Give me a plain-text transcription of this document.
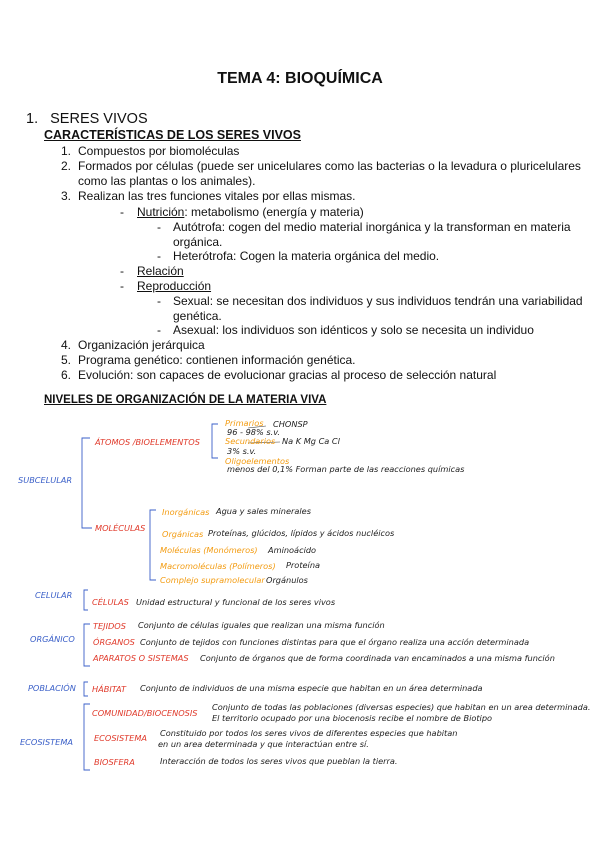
TEMA 4: BIOQUÍMICA
1. SERES VIVOS
CARACTERÍSTICAS DE LOS SERES VIVOS
1. Compuestos por biomoléculas
2. Formados por células (puede ser unicelulares como las bacterias o la levadura o pluricelulares
como las plantas o los animales).
3. Realizan las tres funciones vitales por ellas mismas.
- Nutrición: metabolismo (energía y materia)
- Autótrofa: cogen del medio material inorgánica y la transforman en materia
orgánica.
- Heterótrofa: Cogen la materia orgánica del medio.
- Relación
- Reproducción
- Sexual: se necesitan dos individuos y sus individuos tendrán una variabilidad
genética.
- Asexual: los individuos son idénticos y solo se necesita un individuo
4. Organización jerárquica
5. Programa genético: contienen información genética.
6. Evolución: son capaces de evolucionar gracias al proceso de selección natural
NIVELES DE ORGANIZACIÓN DE LA MATERIA VIVA
SUBCELULAR
ÁTOMOS /BIOELEMENTOS
Primarios CHONSP
96 - 98% s.v.
Secundarios Na K Mg Ca Cl
3% s.v.
Oligoelementos
menos del 0,1% Forman parte de las reacciones químicas
MOLÉCULAS
Inorgánicas Agua y sales minerales
Orgánicas Proteínas, glúcidos, lípidos y ácidos nucléicos
Moléculas (Monómeros) Aminoácido
Macromoléculas (Polímeros) Proteína
Complejo supramolecular Orgánulos
CELULAR
CÉLULAS Unidad estructural y funcional de los seres vivos
ORGÁNICO
TEJIDOS Conjunto de células iguales que realizan una misma función
ÓRGANOS Conjunto de tejidos con funciones distintas para que el órgano realiza una acción determinada
APARATOS O SISTEMAS Conjunto de órganos que de forma coordinada van encaminados a una misma función
POBLACIÓN HÁBITAT Conjunto de individuos de una misma especie que habitan en un área determinada
ECOSISTEMA
COMUNIDAD/BIOCENOSIS
Conjunto de todas las poblaciones (diversas especies) que habitan en un area determinada.
El territorio ocupado por una biocenosis recibe el nombre de Biotipo
ECOSISTEMA Constituido por todos los seres vivos de diferentes especies que habitan
en un area determinada y que interactúan entre sí.
BIOSFERA	Interacción de todos los seres vivos que pueblan la tierra.
